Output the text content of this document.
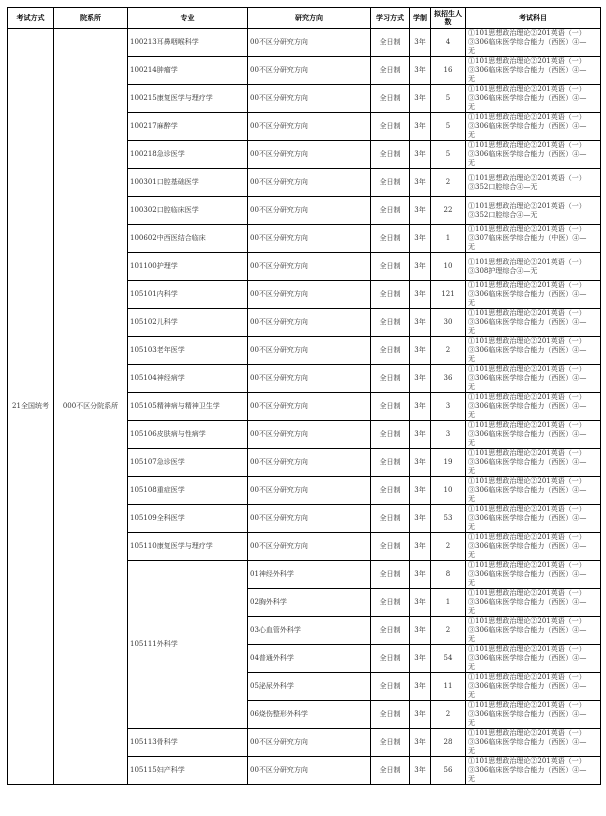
考试方式	院系所	专业	研究方向	学习方式	学制	拟招生人数	考试科目
21全国统考	000不区分院系所	100213耳鼻咽喉科学	00不区分研究方向	全日制	3年	4	①101思想政治理论②201英语（一）
③306临床医学综合能力（西医）④—
无

		100214肿瘤学	00不区分研究方向	全日制	3年	16	①101思想政治理论②201英语（一）
③306临床医学综合能力（西医）④—
无

		100215康复医学与理疗学	00不区分研究方向	全日制	3年	5	①101思想政治理论②201英语（一）
③306临床医学综合能力（西医）④—
无

		100217麻醉学	00不区分研究方向	全日制	3年	5	①101思想政治理论②201英语（一）
③306临床医学综合能力（西医）④—
无

		100218急诊医学	00不区分研究方向	全日制	3年	5	①101思想政治理论②201英语（一）
③306临床医学综合能力（西医）④—
无

		100301口腔基础医学	00不区分研究方向	全日制	3年	2	①101思想政治理论②201英语（一）
③352口腔综合④—无

		100302口腔临床医学	00不区分研究方向	全日制	3年	22	①101思想政治理论②201英语（一）
③352口腔综合④—无

		100602中西医结合临床	00不区分研究方向	全日制	3年	1	①101思想政治理论②201英语（一）
③307临床医学综合能力（中医）④—
无

		101100护理学	00不区分研究方向	全日制	3年	10	①101思想政治理论②201英语（一）
③308护理综合④—无

		105101内科学	00不区分研究方向	全日制	3年	121	①101思想政治理论②201英语（一）
③306临床医学综合能力（西医）④—
无

		105102儿科学	00不区分研究方向	全日制	3年	30	①101思想政治理论②201英语（一）
③306临床医学综合能力（西医）④—
无

		105103老年医学	00不区分研究方向	全日制	3年	2	①101思想政治理论②201英语（一）
③306临床医学综合能力（西医）④—
无

		105104神经病学	00不区分研究方向	全日制	3年	36	①101思想政治理论②201英语（一）
③306临床医学综合能力（西医）④—
无

		105105精神病与精神卫生学	00不区分研究方向	全日制	3年	3	①101思想政治理论②201英语（一）
③306临床医学综合能力（西医）④—
无

		105106皮肤病与性病学	00不区分研究方向	全日制	3年	3	①101思想政治理论②201英语（一）
③306临床医学综合能力（西医）④—
无

		105107急诊医学	00不区分研究方向	全日制	3年	19	①101思想政治理论②201英语（一）
③306临床医学综合能力（西医）④—
无

		105108重症医学	00不区分研究方向	全日制	3年	10	①101思想政治理论②201英语（一）
③306临床医学综合能力（西医）④—
无

		105109全科医学	00不区分研究方向	全日制	3年	53	①101思想政治理论②201英语（一）
③306临床医学综合能力（西医）④—
无

		105110康复医学与理疗学	00不区分研究方向	全日制	3年	2	①101思想政治理论②201英语（一）
③306临床医学综合能力（西医）④—
无

		105111外科学	01神经外科学	全日制	3年	8	①101思想政治理论②201英语（一）
③306临床医学综合能力（西医）④—
无

			02胸外科学	全日制	3年	1	①101思想政治理论②201英语（一）
③306临床医学综合能力（西医）④—
无

			03心血管外科学	全日制	3年	2	①101思想政治理论②201英语（一）
③306临床医学综合能力（西医）④—
无

			04普通外科学	全日制	3年	54	①101思想政治理论②201英语（一）
③306临床医学综合能力（西医）④—
无

			05泌尿外科学	全日制	3年	11	①101思想政治理论②201英语（一）
③306临床医学综合能力（西医）④—
无

			06烧伤整形外科学	全日制	3年	2	①101思想政治理论②201英语（一）
③306临床医学综合能力（西医）④—
无

		105113骨科学	00不区分研究方向	全日制	3年	28	①101思想政治理论②201英语（一）
③306临床医学综合能力（西医）④—
无

		105115妇产科学	00不区分研究方向	全日制	3年	56	①101思想政治理论②201英语（一）
③306临床医学综合能力（西医）④—
无
